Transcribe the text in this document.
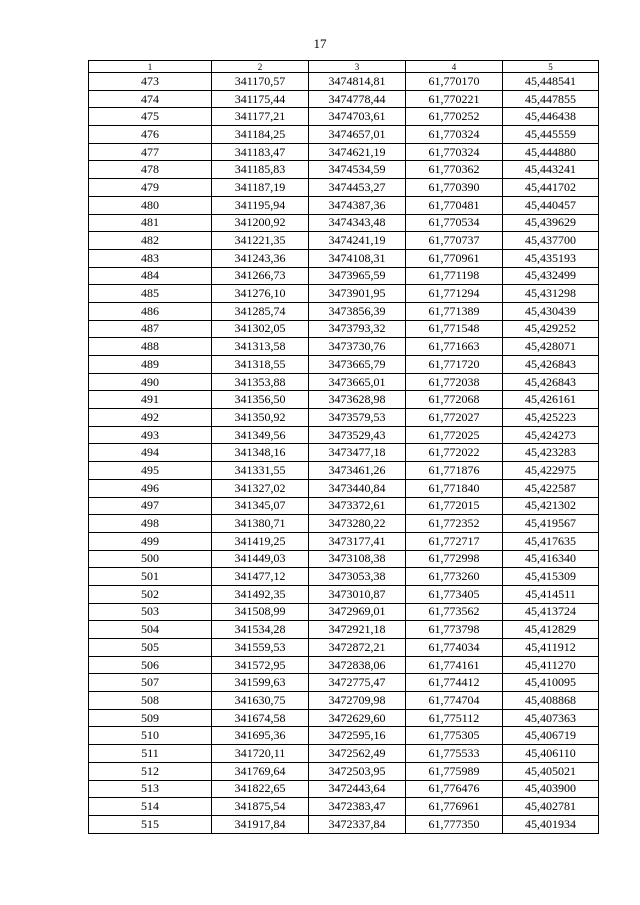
17
1	2	3	4	5
473	341170,57	3474814,81	61,770170	45,448541
474	341175,44	3474778,44	61,770221	45,447855
475	341177,21	3474703,61	61,770252	45,446438
476	341184,25	3474657,01	61,770324	45,445559
477	341183,47	3474621,19	61,770324	45,444880
478	341185,83	3474534,59	61,770362	45,443241
479	341187,19	3474453,27	61,770390	45,441702
480	341195,94	3474387,36	61,770481	45,440457
481	341200,92	3474343,48	61,770534	45,439629
482	341221,35	3474241,19	61,770737	45,437700
483	341243,36	3474108,31	61,770961	45,435193
484	341266,73	3473965,59	61,771198	45,432499
485	341276,10	3473901,95	61,771294	45,431298
486	341285,74	3473856,39	61,771389	45,430439
487	341302,05	3473793,32	61,771548	45,429252
488	341313,58	3473730,76	61,771663	45,428071
489	341318,55	3473665,79	61,771720	45,426843
490	341353,88	3473665,01	61,772038	45,426843
491	341356,50	3473628,98	61,772068	45,426161
492	341350,92	3473579,53	61,772027	45,425223
493	341349,56	3473529,43	61,772025	45,424273
494	341348,16	3473477,18	61,772022	45,423283
495	341331,55	3473461,26	61,771876	45,422975
496	341327,02	3473440,84	61,771840	45,422587
497	341345,07	3473372,61	61,772015	45,421302
498	341380,71	3473280,22	61,772352	45,419567
499	341419,25	3473177,41	61,772717	45,417635
500	341449,03	3473108,38	61,772998	45,416340
501	341477,12	3473053,38	61,773260	45,415309
502	341492,35	3473010,87	61,773405	45,414511
503	341508,99	3472969,01	61,773562	45,413724
504	341534,28	3472921,18	61,773798	45,412829
505	341559,53	3472872,21	61,774034	45,411912
506	341572,95	3472838,06	61,774161	45,411270
507	341599,63	3472775,47	61,774412	45,410095
508	341630,75	3472709,98	61,774704	45,408868
509	341674,58	3472629,60	61,775112	45,407363
510	341695,36	3472595,16	61,775305	45,406719
511	341720,11	3472562,49	61,775533	45,406110
512	341769,64	3472503,95	61,775989	45,405021
513	341822,65	3472443,64	61,776476	45,403900
514	341875,54	3472383,47	61,776961	45,402781
515	341917,84	3472337,84	61,777350	45,401934
